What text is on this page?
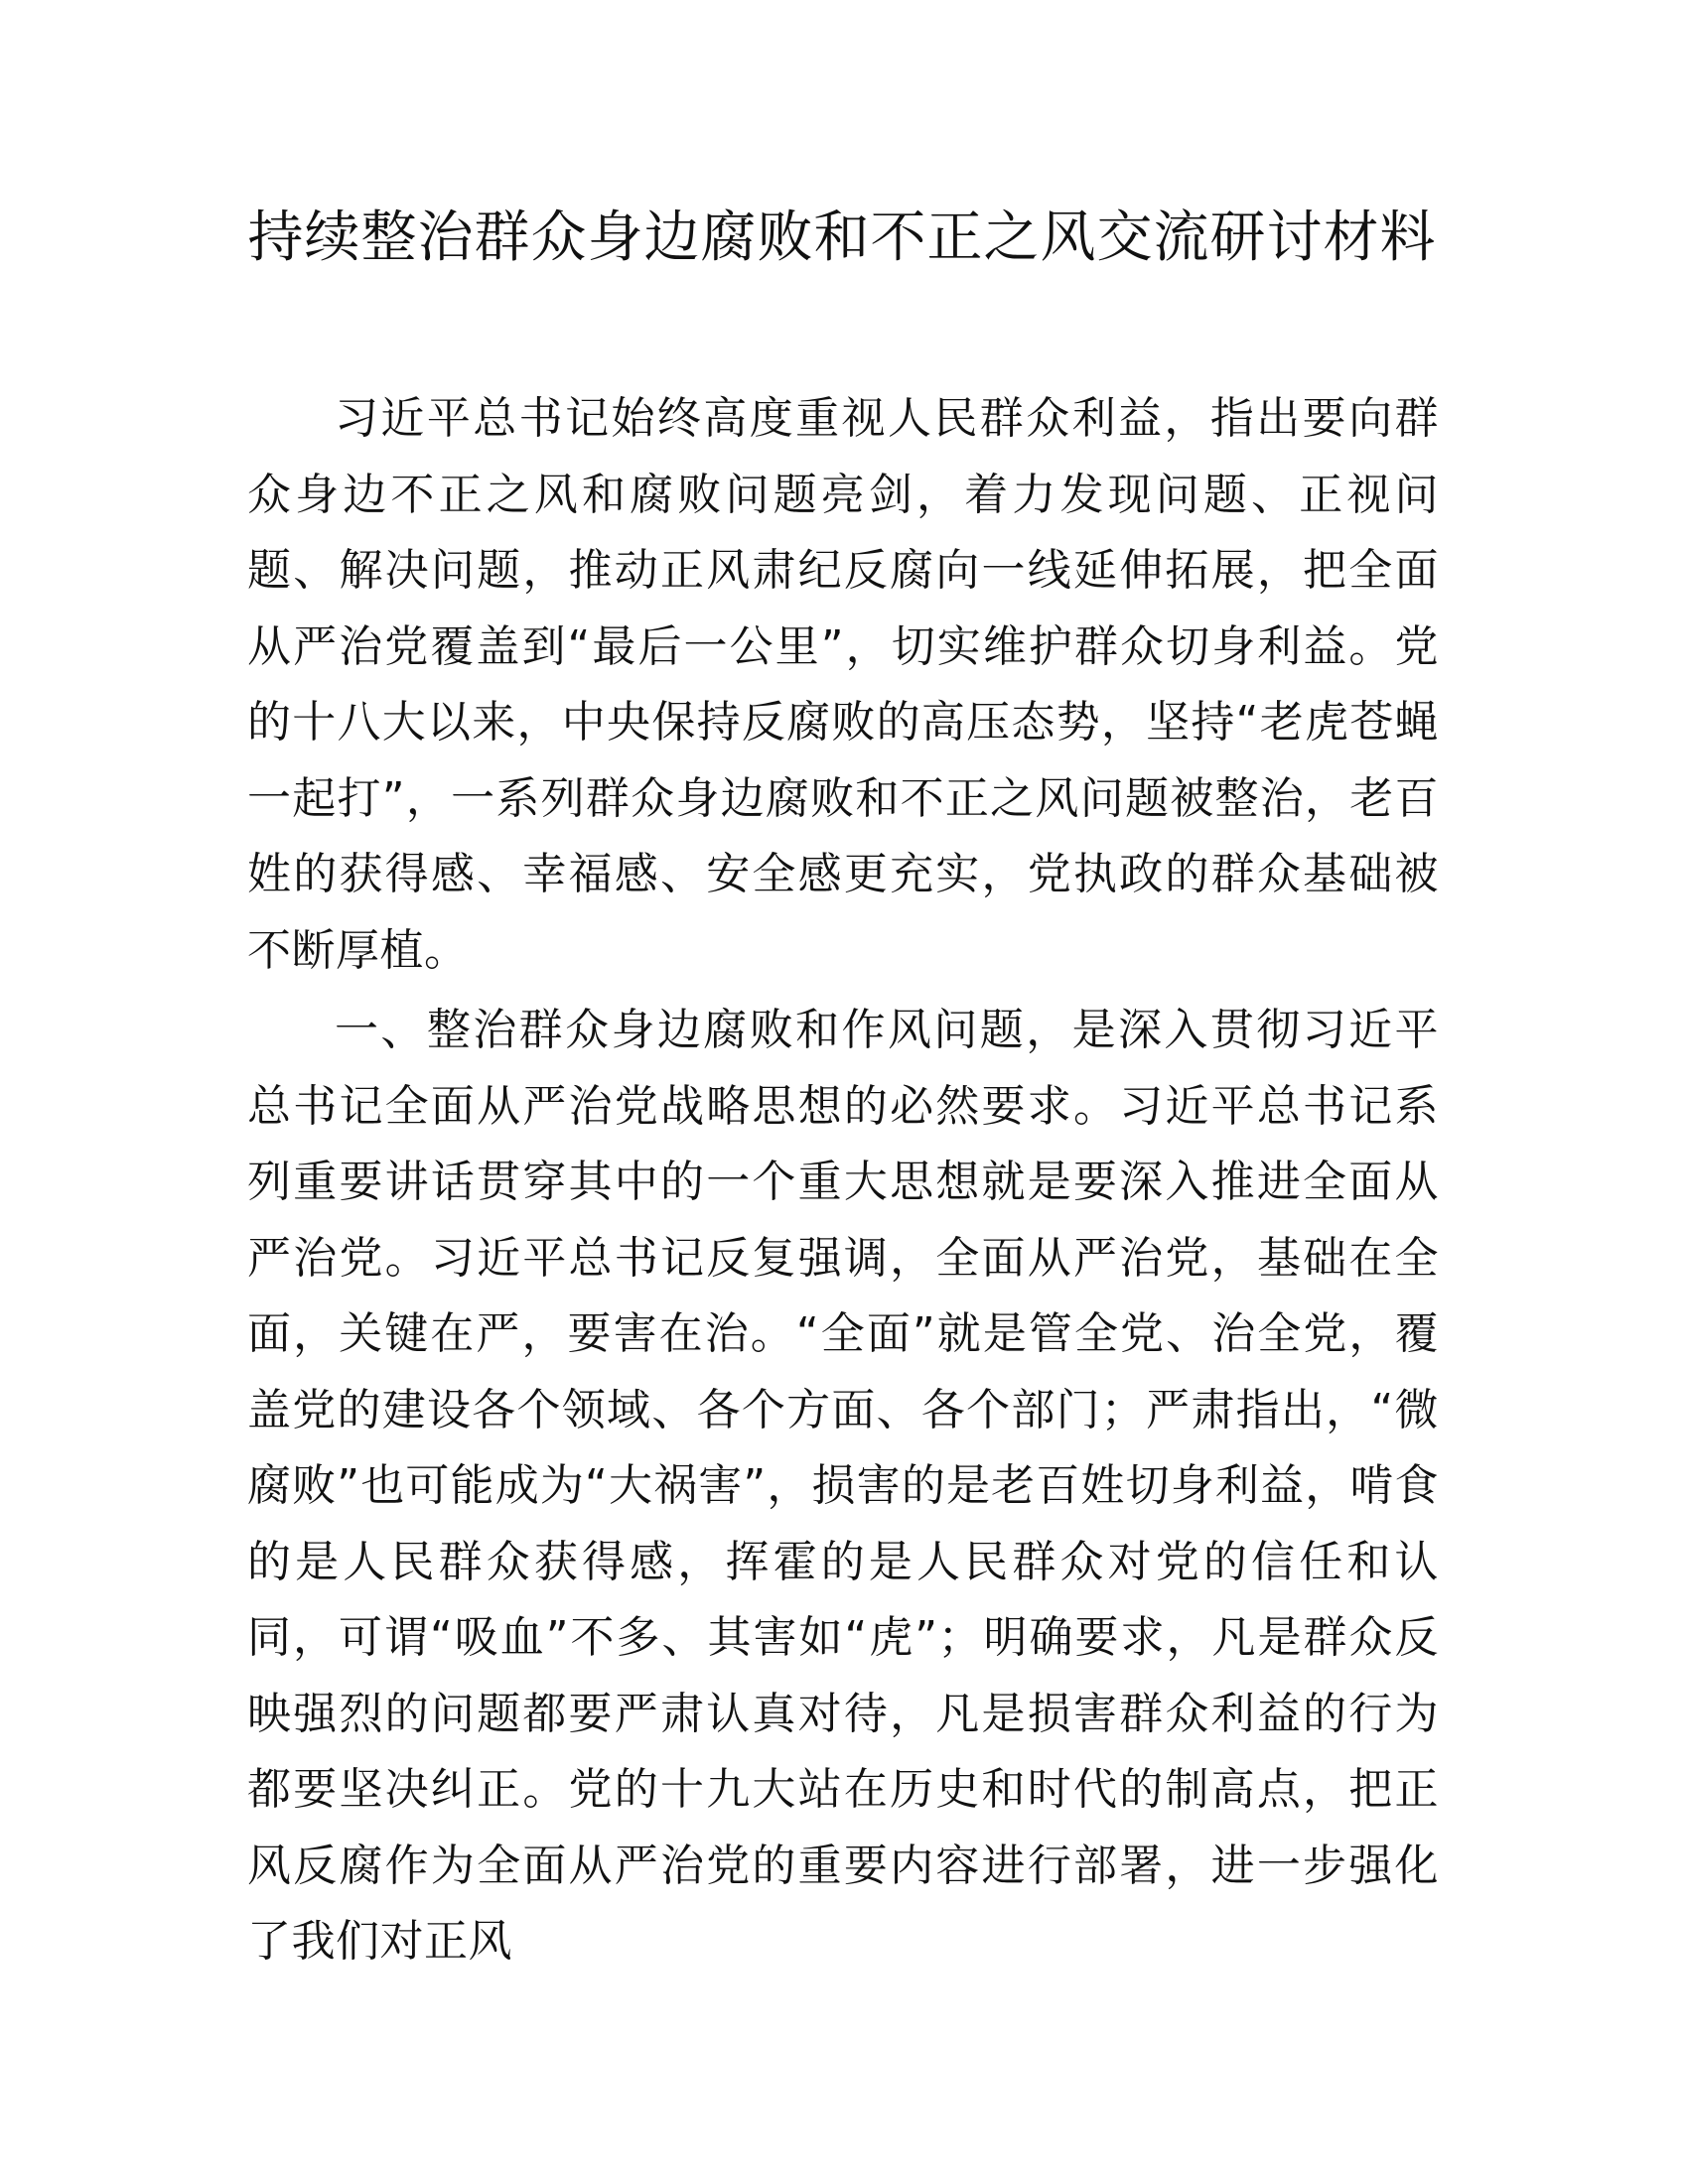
持续整治群众身边腐败和不正之风交流研讨材料

习近平总书记始终高度重视人民群众利益，指出要向群众身边不正之风和腐败问题亮剑，着力发现问题、正视问题、解决问题，推动正风肃纪反腐向一线延伸拓展，把全面从严治党覆盖到“最后一公里”，切实维护群众切身利益。党的十八大以来，中央保持反腐败的高压态势，坚持“老虎苍蝇一起打”，一系列群众身边腐败和不正之风问题被整治，老百姓的获得感、幸福感、安全感更充实，党执政的群众基础被不断厚植。

一、整治群众身边腐败和作风问题，是深入贯彻习近平总书记全面从严治党战略思想的必然要求。习近平总书记系列重要讲话贯穿其中的一个重大思想就是要深入推进全面从严治党。习近平总书记反复强调，全面从严治党，基础在全面，关键在严，要害在治。“全面”就是管全党、治全党，覆盖党的建设各个领域、各个方面、各个部门；严肃指出，“微腐败”也可能成为“大祸害”，损害的是老百姓切身利益，啃食的是人民群众获得感，挥霍的是人民群众对党的信任和认同，可谓“吸血”不多、其害如“虎”；明确要求，凡是群众反映强烈的问题都要严肃认真对待，凡是损害群众利益的行为都要坚决纠正。党的十九大站在历史和时代的制高点，把正风反腐作为全面从严治党的重要内容进行部署，进一步强化了我们对正风
